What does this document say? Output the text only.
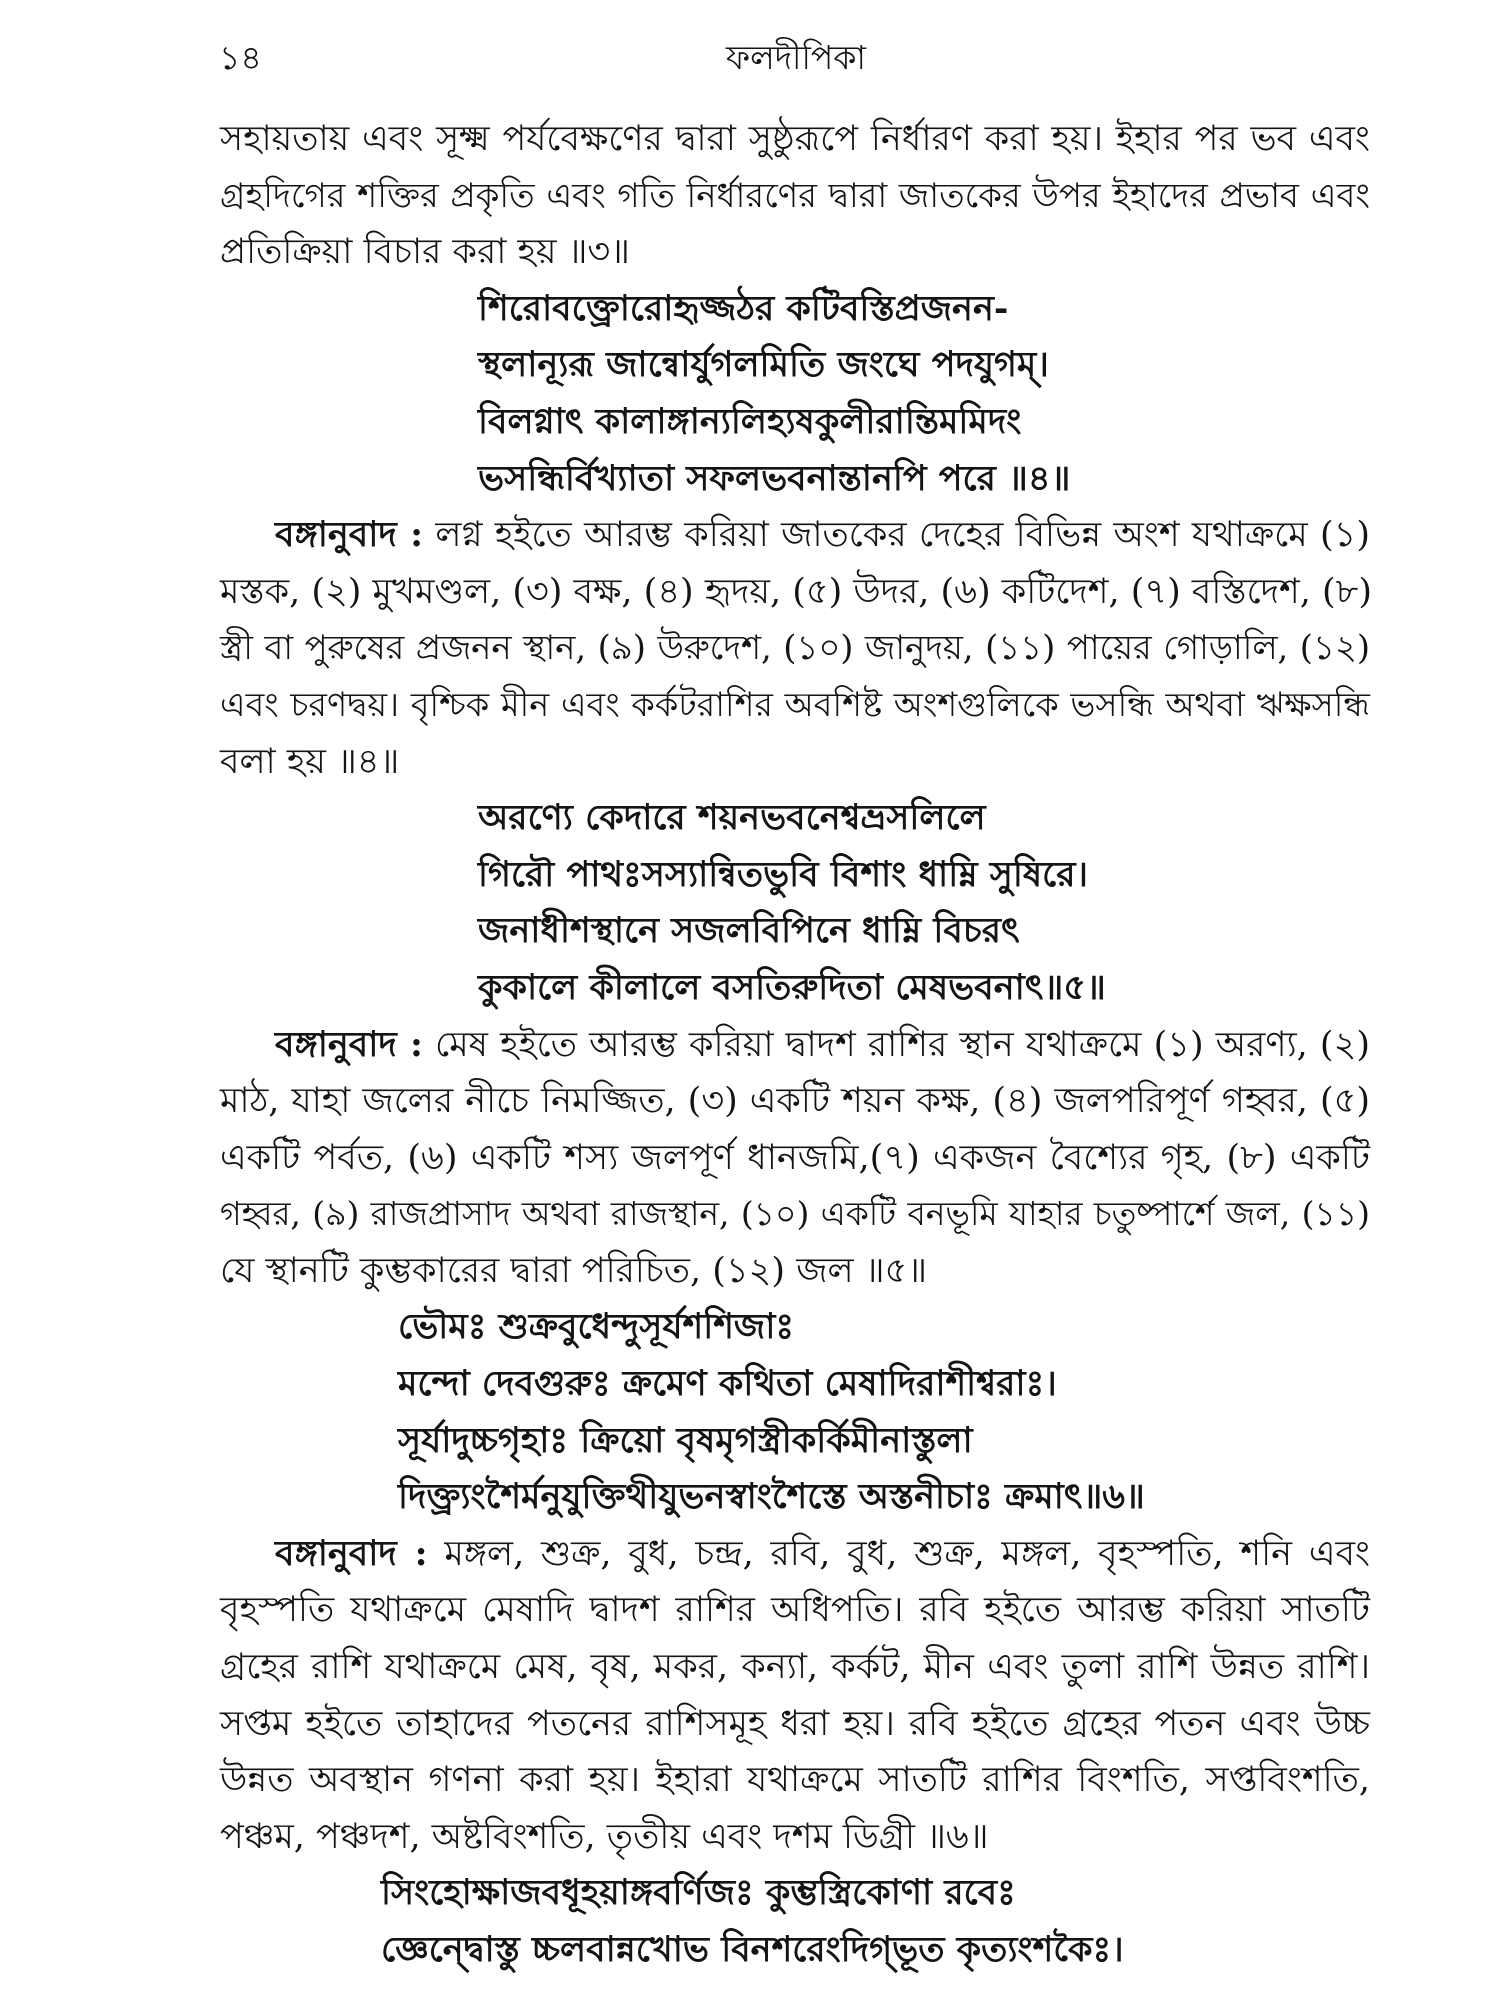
১৪	ফলদীপিকা
সহায়তায় এবং সূক্ষ্ম পর্যবেক্ষণের দ্বারা সুষ্ঠুরূপে নির্ধারণ করা হয়। ইহার পর ভব এবং
গ্রহদিগের শক্তির প্রকৃতি এবং গতি নির্ধারণের দ্বারা জাতকের উপর ইহাদের প্রভাব এবং
প্রতিক্রিয়া বিচার করা হয় ॥৩॥
শিরোবক্ত্রোরোহৃজ্জঠর কটিবস্তিপ্রজনন-
স্থলান্যূরূ জান্বোর্যুগলমিতি জংঘে পদযুগম্।
বিলগ্নাৎ কালাঙ্গান্যলিহ্যষকুলীরান্তিমমিদং
ভসন্ধির্বিখ্যাতা সফলভবনান্তানপি পরে ॥৪॥
বঙ্গানুবাদ : লগ্ন হইতে আরম্ভ করিয়া জাতকের দেহের বিভিন্ন অংশ যথাক্রমে (১)
মস্তক, (২) মুখমণ্ডল, (৩) বক্ষ, (৪) হৃদয়, (৫) উদর, (৬) কটিদেশ, (৭) বস্তিদেশ, (৮)
স্ত্রী বা পুরুষের প্রজনন স্থান, (৯) উরুদেশ, (১০) জানুদয়, (১১) পায়ের গোড়ালি, (১২)
এবং চরণদ্বয়। বৃশ্চিক মীন এবং কর্কটরাশির অবশিষ্ট অংশগুলিকে ভসন্ধি অথবা ঋক্ষসন্ধি
বলা হয় ॥৪॥
অরণ্যে কেদারে শয়নভবনেশ্বভ্রসলিলে
গিরৌ পাথঃসস্যান্বিতভুবি বিশাং ধাম্নি সুষিরে।
জনাধীশস্থানে সজলবিপিনে ধাম্নি বিচরৎ
কুকালে কীলালে বসতিরুদিতা মেষভবনাৎ॥৫॥
বঙ্গানুবাদ : মেষ হইতে আরম্ভ করিয়া দ্বাদশ রাশির স্থান যথাক্রমে (১) অরণ্য, (২)
মাঠ, যাহা জলের নীচে নিমজ্জিত, (৩) একটি শয়ন কক্ষ, (৪) জলপরিপূর্ণ গহ্বর, (৫)
একটি পর্বত, (৬) একটি শস্য জলপূর্ণ ধানজমি,(৭) একজন বৈশ্যের গৃহ, (৮) একটি
গহ্বর, (৯) রাজপ্রাসাদ অথবা রাজস্থান, (১০) একটি বনভূমি যাহার চতুষ্পার্শে জল, (১১)
যে স্থানটি কুম্ভকারের দ্বারা পরিচিত, (১২) জল ॥৫॥
ভৌমঃ শুক্রবুধেন্দুসূর্যশশিজাঃ
মন্দো দেবগুরুঃ ক্রমেণ কথিতা মেষাদিরাশীশ্বরাঃ।
সূর্যাদুচ্চগৃহাঃ ক্রিয়ো বৃষমৃগস্ত্রীকর্কিমীনাস্তুলা
দিক্ত্র্যংশৈর্মনুযুক্তিথীযুভনস্বাংশৈস্তে অস্তনীচাঃ ক্রমাৎ॥৬॥
বঙ্গানুবাদ : মঙ্গল, শুক্র, বুধ, চন্দ্র, রবি, বুধ, শুক্র, মঙ্গল, বৃহস্পতি, শনি এবং
বৃহস্পতি যথাক্রমে মেষাদি দ্বাদশ রাশির অধিপতি। রবি হইতে আরম্ভ করিয়া সাতটি
গ্রহের রাশি যথাক্রমে মেষ, বৃষ, মকর, কন্যা, কর্কট, মীন এবং তুলা রাশি উন্নত রাশি।
সপ্তম হইতে তাহাদের পতনের রাশিসমূহ ধরা হয়। রবি হইতে গ্রহের পতন এবং উচ্চ
উন্নত অবস্থান গণনা করা হয়। ইহারা যথাক্রমে সাতটি রাশির বিংশতি, সপ্তবিংশতি,
পঞ্চম, পঞ্চদশ, অষ্টবিংশতি, তৃতীয় এবং দশম ডিগ্রী ॥৬॥
সিংহোক্ষাজবধূহয়াঙ্গবর্ণিজঃ কুম্ভস্ত্রিকোণা রবেঃ
জ্ঞেন্দ্বোস্তু চ্চলবান্নখোভ বিনশরেংদিগ্‌ভূত কৃত্যংশকৈঃ।
